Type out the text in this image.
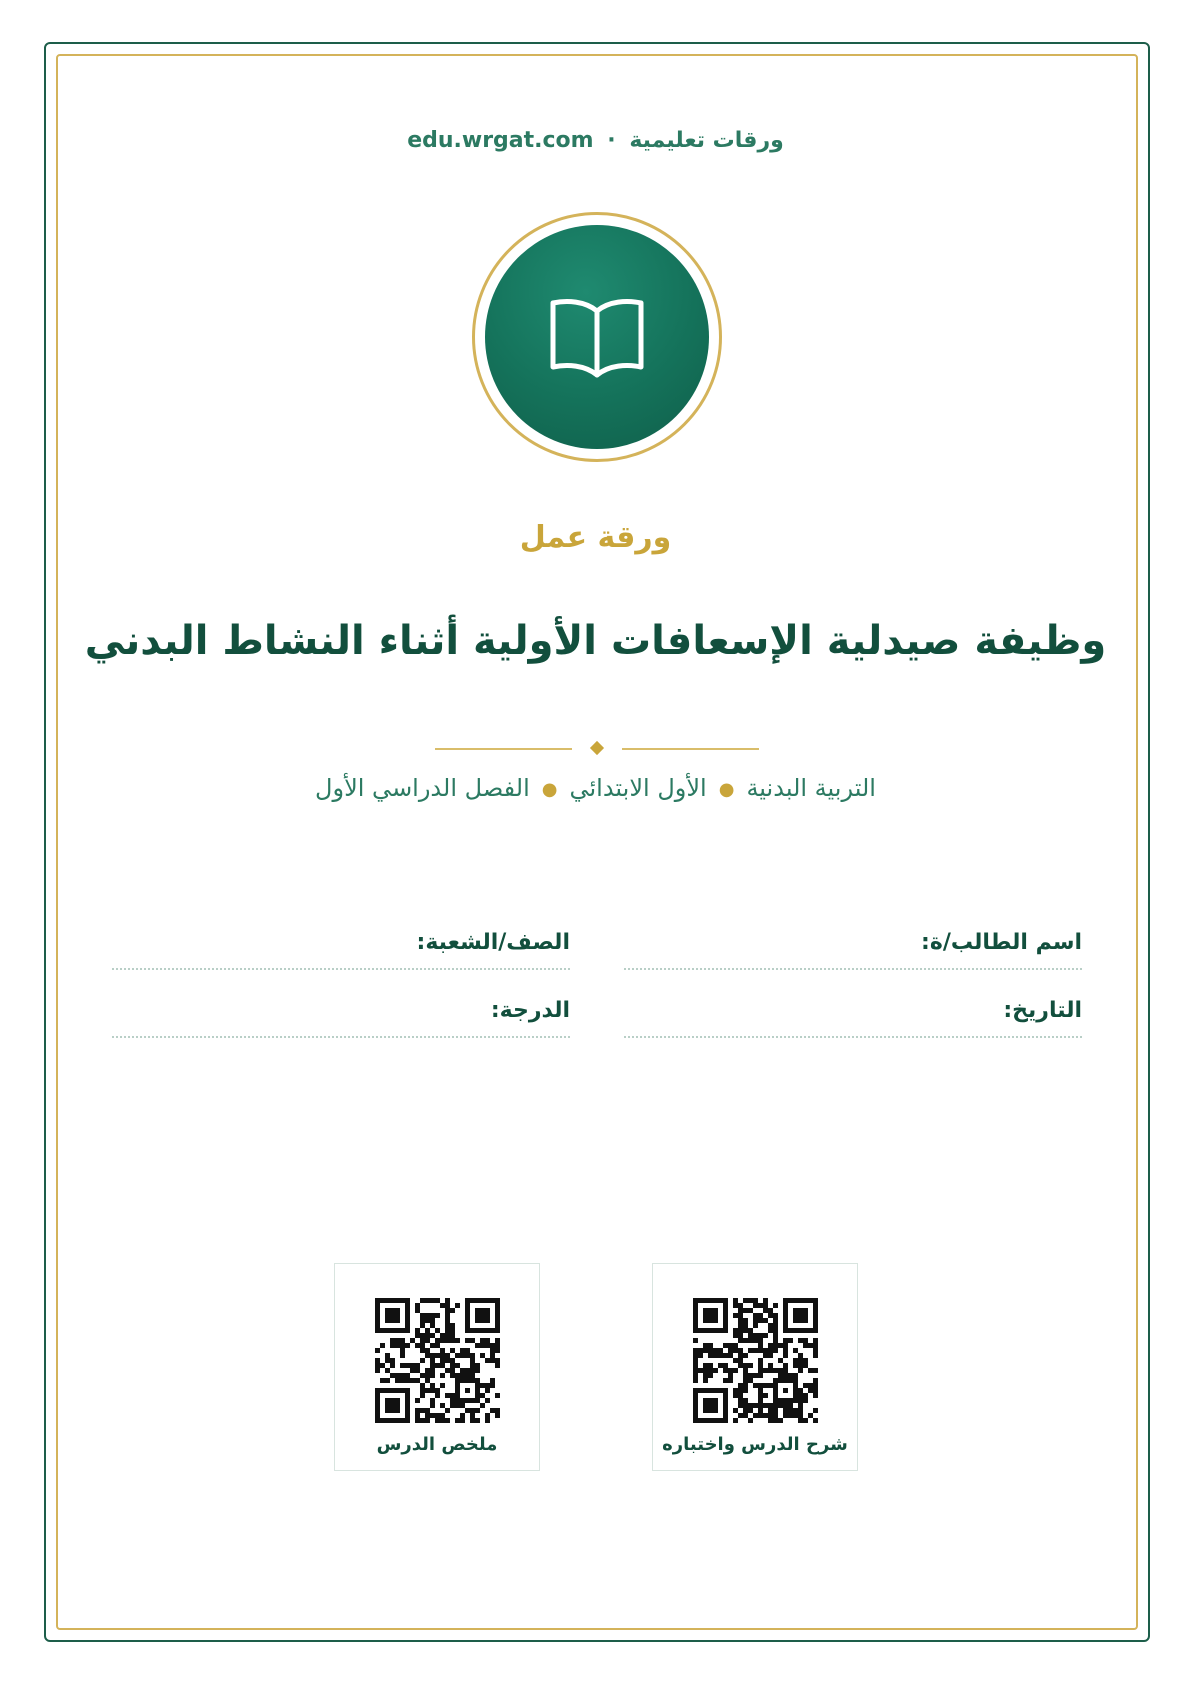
ورقات تعليمية · edu.wrgat.com
ورقة عمل
وظيفة صيدلية الإسعافات الأولية أثناء النشاط البدني
التربية البدنية●الأول الابتدائي●الفصل الدراسي الأول
اسم الطالب/ة:
الصف/الشعبة:
التاريخ:
الدرجة:
شرح الدرس واختباره
ملخص الدرس
